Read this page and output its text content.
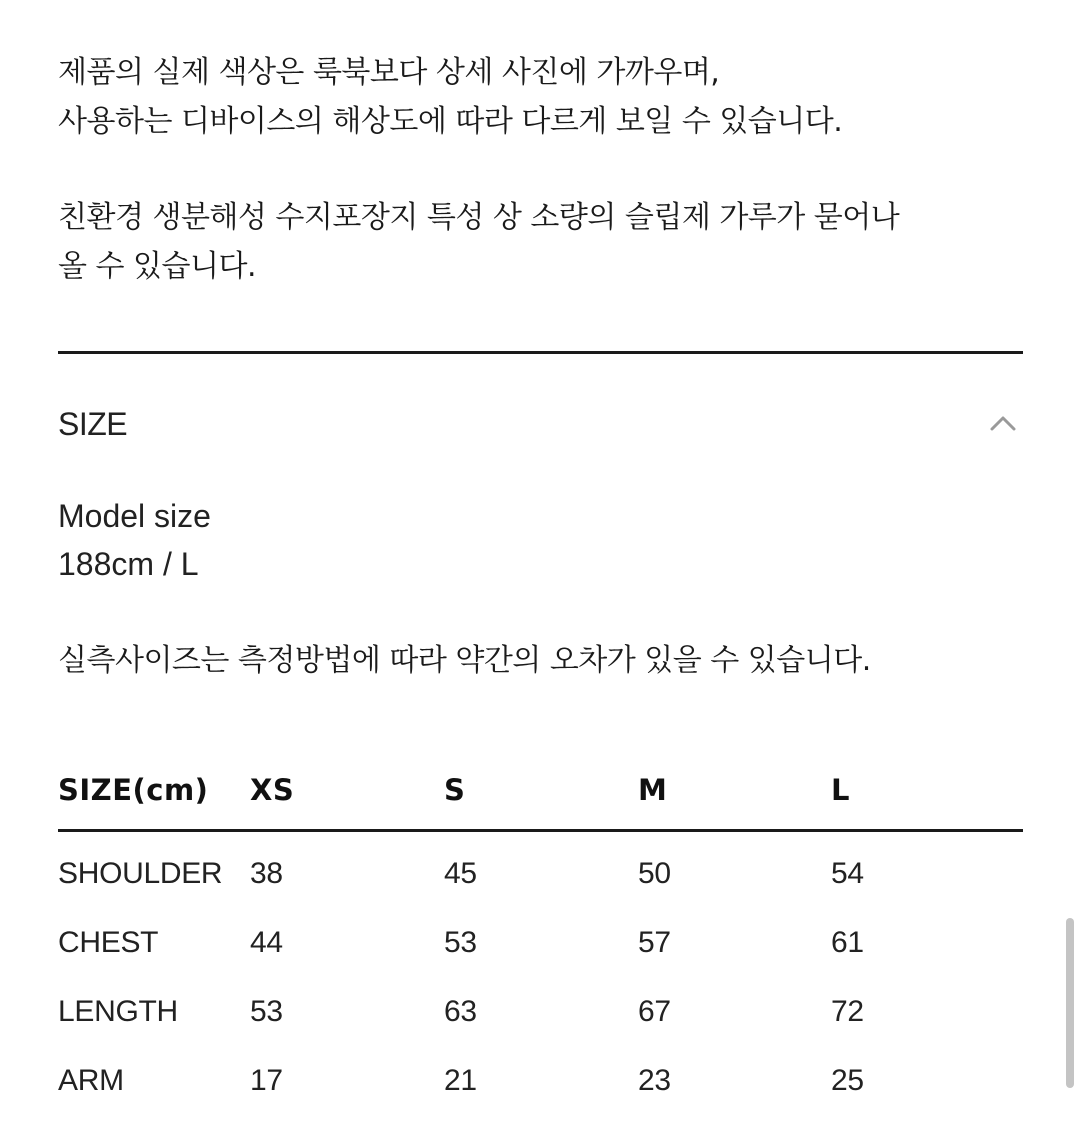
제품의 실제 색상은 룩북보다 상세 사진에 가까우며,

사용하는 디바이스의 해상도에 따라 다르게 보일 수 있습니다.

친환경 생분해성 수지포장지 특성 상 소량의 슬립제 가루가 묻어나

올 수 있습니다.

SIZE
Model size
188cm / L
실측사이즈는 측정방법에 따라 약간의 오차가 있을 수 있습니다.
SIZE(cm) XS	S	M	L
SHOULDER 38	45	50	54
CHEST	44	53	57	61
LENGTH 53	63	67	72
ARM	17	21	23	25
